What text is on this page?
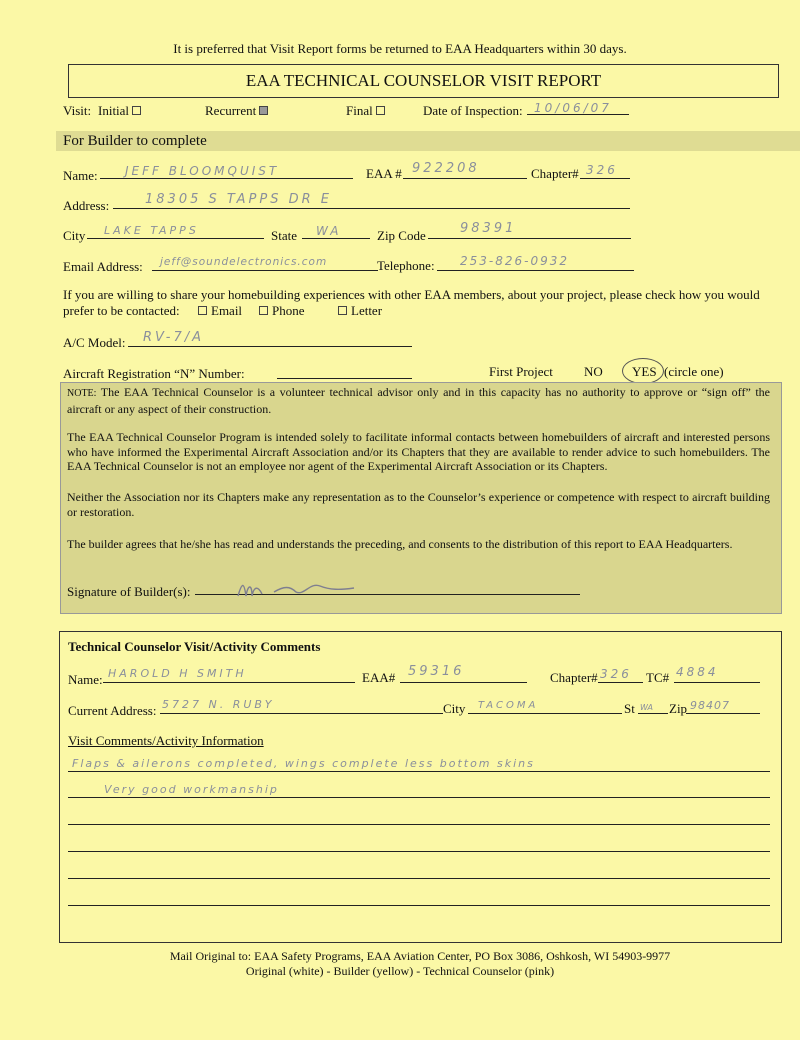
It is preferred that Visit Report forms be returned to EAA Headquarters within 30 days.
EAA TECHNICAL COUNSELOR VISIT REPORT
Visit: Initial	Recurrent	Final	Date of Inspection: 10/06/07
For Builder to complete
Name: JEFF BLOOMQUIST	EAA # 922208	Chapter# 326
Address:	18305 S TAPPS DR E
City LAKE TAPPS	State WA	Zip Code	98391
Email Address: jeff@soundelectronics.com	Telephone: 253-826-0932
If you are willing to share your homebuilding experiences with other EAA members, about your project, please check how you would
prefer to be contacted:	Email	Phone	Letter
A/C Model: RV-7/A
Aircraft Registration “N” Number:	First Project NO YES (circle one)
NOTE: The EAA Technical Counselor is a volunteer technical advisor only and in this capacity has no authority to approve or “sign off” the aircraft or any aspect of their construction.
The EAA Technical Counselor Program is intended solely to facilitate informal contacts between homebuilders of aircraft and interested persons who have informed the Experimental Aircraft Association and/or its Chapters that they are available to render advice to such homebuilders. The EAA Technical Counselor is not an employee nor agent of the Experimental Aircraft Association or its Chapters.
Neither the Association nor its Chapters make any representation as to the Counselor’s experience or competence with respect to aircraft building or restoration.
The builder agrees that he/she has read and understands the preceding, and consents to the distribution of this report to EAA Headquarters.
Signature of Builder(s):
Technical Counselor Visit/Activity Comments
Name: HAROLD H SMITH	EAA# 59316	Chapter# 326 TC# 4884
Current Address: 5727 N. RUBY	City TACOMA	St WA Zip 98407
Visit Comments/Activity Information
Flaps & ailerons completed, wings complete less bottom skins
Very good workmanship
Mail Original to: EAA Safety Programs, EAA Aviation Center, PO Box 3086, Oshkosh, WI 54903-9977
Original (white) - Builder (yellow) - Technical Counselor (pink)
